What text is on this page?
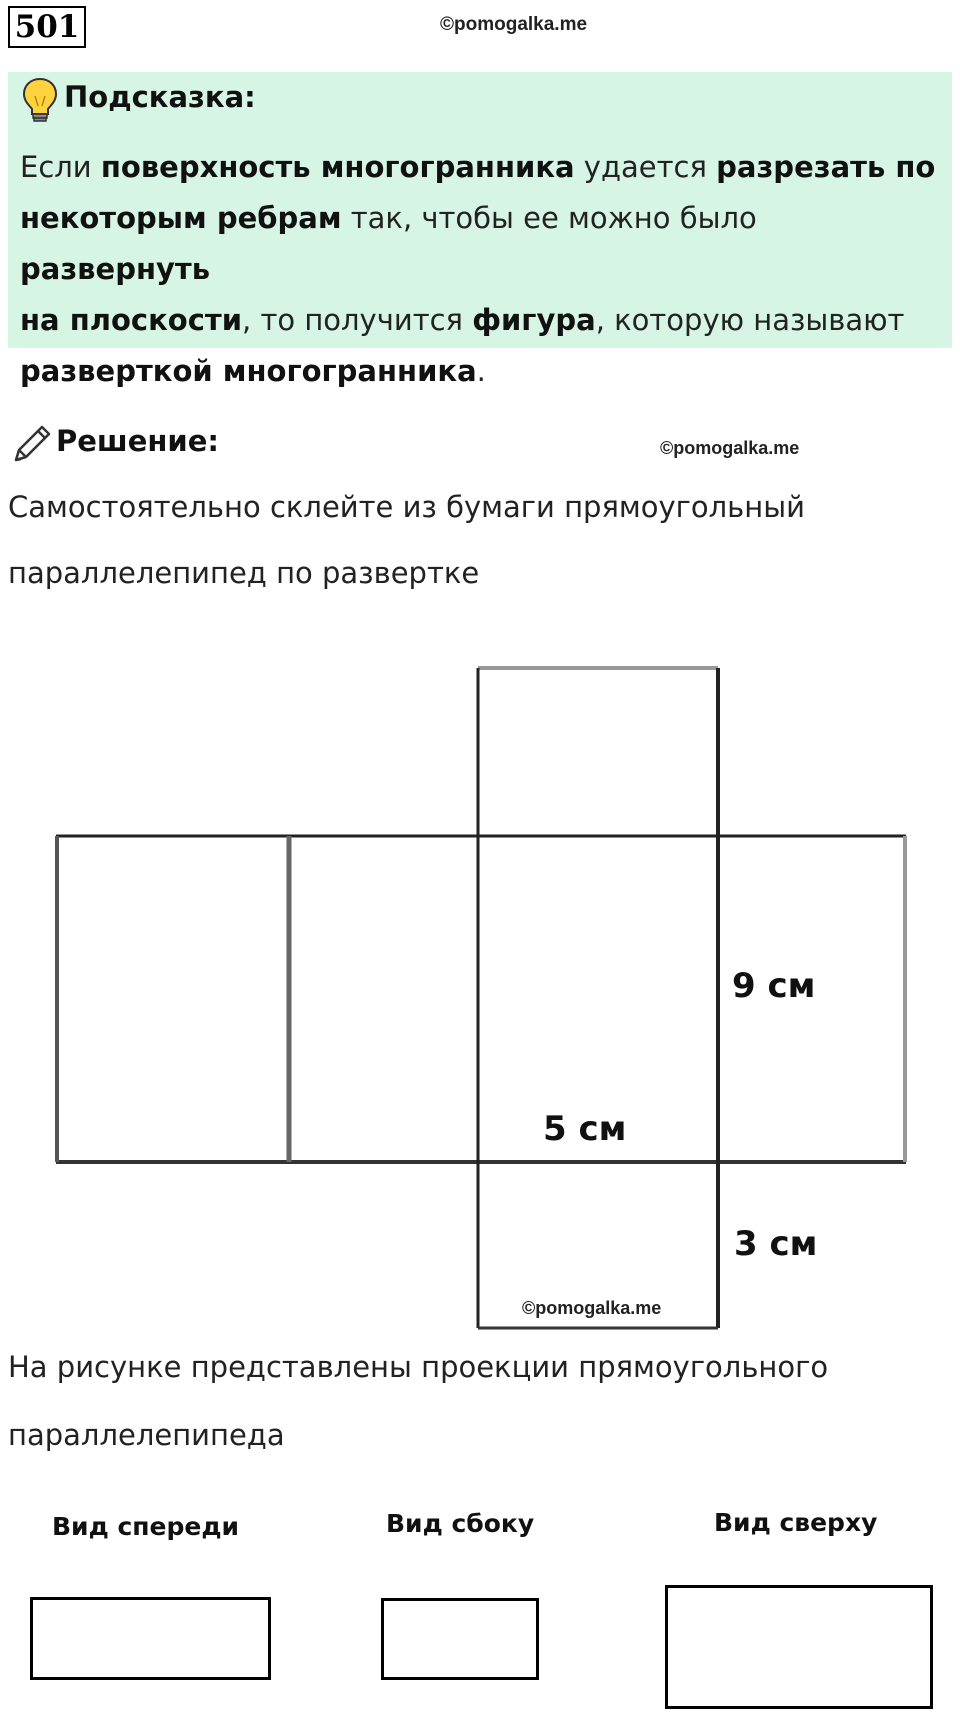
501	©pomogalka.me
Подсказка:
Если поверхность многогранника удается разрезать по
некоторым ребрам так, чтобы ее можно было развернуть
на плоскости, то получится фигура, которую называют
разверткой многогранника.
Решение:	©pomogalka.me
Самостоятельно склейте из бумаги прямоугольный
параллелепипед по развертке
9 см
5 см
3 см
©pomogalka.me
На рисунке представлены проекции прямоугольного
параллелепипеда
Вид спереди	Вид сбоку	Вид сверху
